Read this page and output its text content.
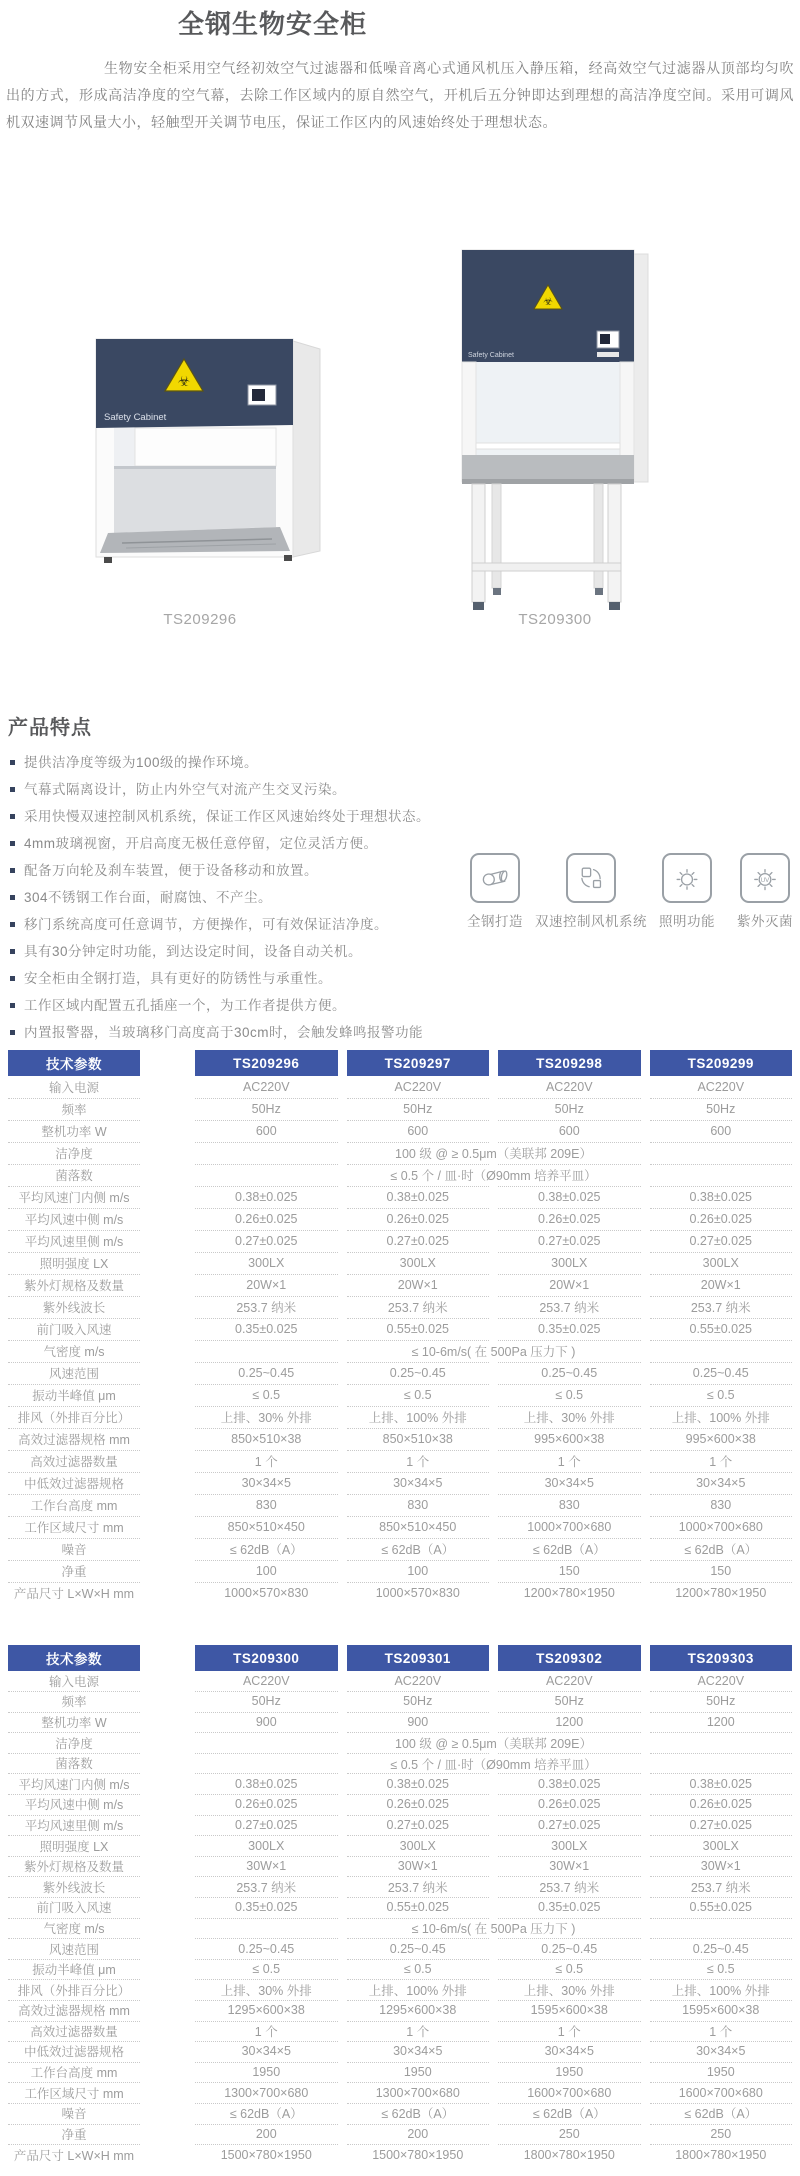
全钢生物安全柜

生物安全柜采用空气经初效空气过滤器和低噪音离心式通风机压入静压箱，经高效空气过滤器从顶部均匀吹出的方式，形成高洁净度的空气幕，去除工作区域内的原自然空气，开机后五分钟即达到理想的高洁净度空间。采用可调风机双速调节风量大小，轻触型开关调节电压，保证工作区内的风速始终处于理想状态。

☣
Safety Cabinet
☣
Safety Cabinet
TS209296	TS209300
产品特点
提供洁净度等级为100级的操作环境。
气幕式隔离设计，防止内外空气对流产生交叉污染。
采用快慢双速控制风机系统，保证工作区风速始终处于理想状态。
4mm玻璃视窗，开启高度无极任意停留，定位灵活方便。
配备万向轮及刹车装置，便于设备移动和放置。
304不锈钢工作台面，耐腐蚀、不产尘。
移门系统高度可任意调节，方便操作，可有效保证洁净度。
具有30分钟定时功能，到达设定时间，设备自动关机。
安全柜由全钢打造，具有更好的防锈性与承重性。
工作区域内配置五孔插座一个，为工作者提供方便。
内置报警器，当玻璃移门高度高于30cm时，会触发蜂鸣报警功能
全钢打造 双速控制风机系统 照明功能
UV
紫外灭菌
技术参数	TS209296	TS209297	TS209298	TS209299
输入电源	AC220V	AC220V	AC220V	AC220V
频率	50Hz	50Hz	50Hz	50Hz
整机功率 W	600	600	600	600
洁净度	100 级 @ ≥ 0.5μm（美联邦 209E）
菌落数	≤ 0.5 个 / 皿·时（Ø90mm 培养平皿）
平均风速门内侧 m/s	0.38±0.025	0.38±0.025	0.38±0.025	0.38±0.025
平均风速中侧 m/s	0.26±0.025	0.26±0.025	0.26±0.025	0.26±0.025
平均风速里侧 m/s	0.27±0.025	0.27±0.025	0.27±0.025	0.27±0.025
照明强度 LX	300LX	300LX	300LX	300LX
紫外灯规格及数量	20W×1	20W×1	20W×1	20W×1
紫外线波长	253.7 纳米	253.7 纳米	253.7 纳米	253.7 纳米
前门吸入风速	0.35±0.025	0.55±0.025	0.35±0.025	0.55±0.025
气密度 m/s	≤ 10-6m/s( 在 500Pa 压力下 )
风速范围	0.25~0.45	0.25~0.45	0.25~0.45	0.25~0.45
振动半峰值 μm	≤ 0.5	≤ 0.5	≤ 0.5	≤ 0.5
排风（外排百分比）	上排、30% 外排	上排、100% 外排	上排、30% 外排	上排、100% 外排
高效过滤器规格 mm	850×510×38	850×510×38	995×600×38	995×600×38
高效过滤器数量	1 个	1 个	1 个	1 个
中低效过滤器规格	30×34×5	30×34×5	30×34×5	30×34×5
工作台高度 mm	830	830	830	830
工作区域尺寸 mm	850×510×450	850×510×450	1000×700×680	1000×700×680
噪音	≤ 62dB（A）	≤ 62dB（A）	≤ 62dB（A）	≤ 62dB（A）
净重	100	100	150	150
产品尺寸 L×W×H mm	1000×570×830	1000×570×830	1200×780×1950	1200×780×1950
技术参数	TS209300	TS209301	TS209302	TS209303
输入电源	AC220V	AC220V	AC220V	AC220V
频率	50Hz	50Hz	50Hz	50Hz
整机功率 W	900	900	1200	1200
洁净度	100 级 @ ≥ 0.5μm（美联邦 209E）
菌落数	≤ 0.5 个 / 皿·时（Ø90mm 培养平皿）
平均风速门内侧 m/s	0.38±0.025	0.38±0.025	0.38±0.025	0.38±0.025
平均风速中侧 m/s	0.26±0.025	0.26±0.025	0.26±0.025	0.26±0.025
平均风速里侧 m/s	0.27±0.025	0.27±0.025	0.27±0.025	0.27±0.025
照明强度 LX	300LX	300LX	300LX	300LX
紫外灯规格及数量	30W×1	30W×1	30W×1	30W×1
紫外线波长	253.7 纳米	253.7 纳米	253.7 纳米	253.7 纳米
前门吸入风速	0.35±0.025	0.55±0.025	0.35±0.025	0.55±0.025
气密度 m/s	≤ 10-6m/s( 在 500Pa 压力下 )
风速范围	0.25~0.45	0.25~0.45	0.25~0.45	0.25~0.45
振动半峰值 μm	≤ 0.5	≤ 0.5	≤ 0.5	≤ 0.5
排风（外排百分比）	上排、30% 外排	上排、100% 外排	上排、30% 外排	上排、100% 外排
高效过滤器规格 mm	1295×600×38	1295×600×38	1595×600×38	1595×600×38
高效过滤器数量	1 个	1 个	1 个	1 个
中低效过滤器规格	30×34×5	30×34×5	30×34×5	30×34×5
工作台高度 mm	1950	1950	1950	1950
工作区域尺寸 mm	1300×700×680	1300×700×680	1600×700×680	1600×700×680
噪音	≤ 62dB（A）	≤ 62dB（A）	≤ 62dB（A）	≤ 62dB（A）
净重	200	200	250	250
产品尺寸 L×W×H mm	1500×780×1950	1500×780×1950	1800×780×1950	1800×780×1950
